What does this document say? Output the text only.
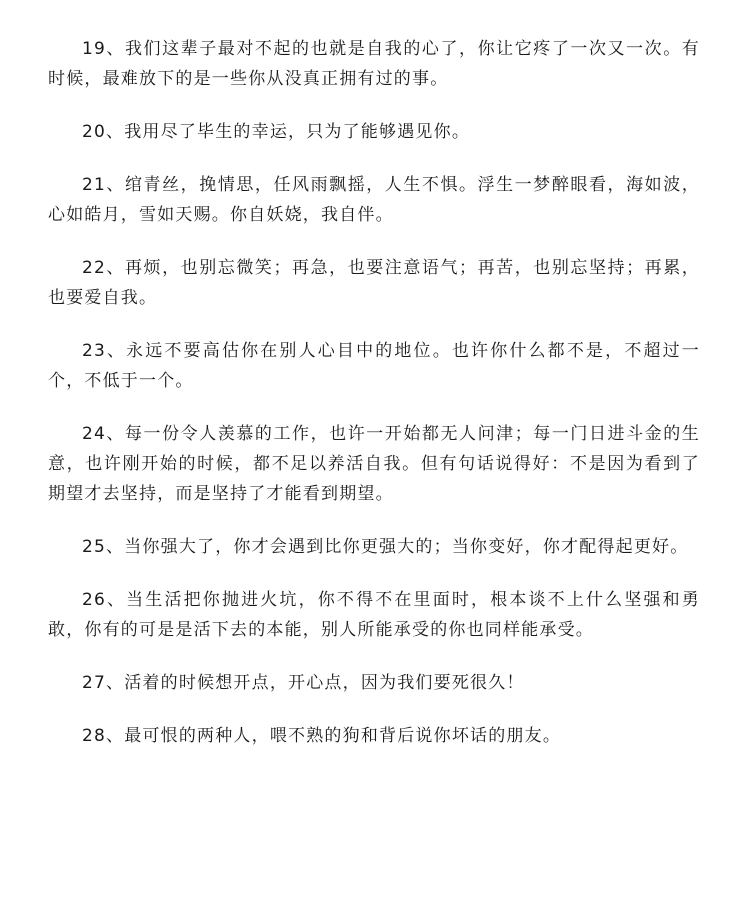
19、我们这辈子最对不起的也就是自我的心了，你让它疼了一次又一次。有时候，最难放下的是一些你从没真正拥有过的事。

20、我用尽了毕生的幸运，只为了能够遇见你。

21、绾青丝，挽情思，任风雨飘摇，人生不惧。浮生一梦醉眼看，海如波，心如皓月，雪如天赐。你自妖娆，我自伴。

22、再烦，也别忘微笑；再急，也要注意语气；再苦，也别忘坚持；再累，也要爱自我。

23、永远不要高估你在别人心目中的地位。也许你什么都不是，不超过一个，不低于一个。

24、每一份令人羡慕的工作，也许一开始都无人问津；每一门日进斗金的生意，也许刚开始的时候，都不足以养活自我。但有句话说得好：不是因为看到了期望才去坚持，而是坚持了才能看到期望。

25、当你强大了，你才会遇到比你更强大的；当你变好，你才配得起更好。

26、当生活把你抛进火坑，你不得不在里面时，根本谈不上什么坚强和勇敢，你有的可是是活下去的本能，别人所能承受的你也同样能承受。

27、活着的时候想开点，开心点，因为我们要死很久！

28、最可恨的两种人，喂不熟的狗和背后说你坏话的朋友。
